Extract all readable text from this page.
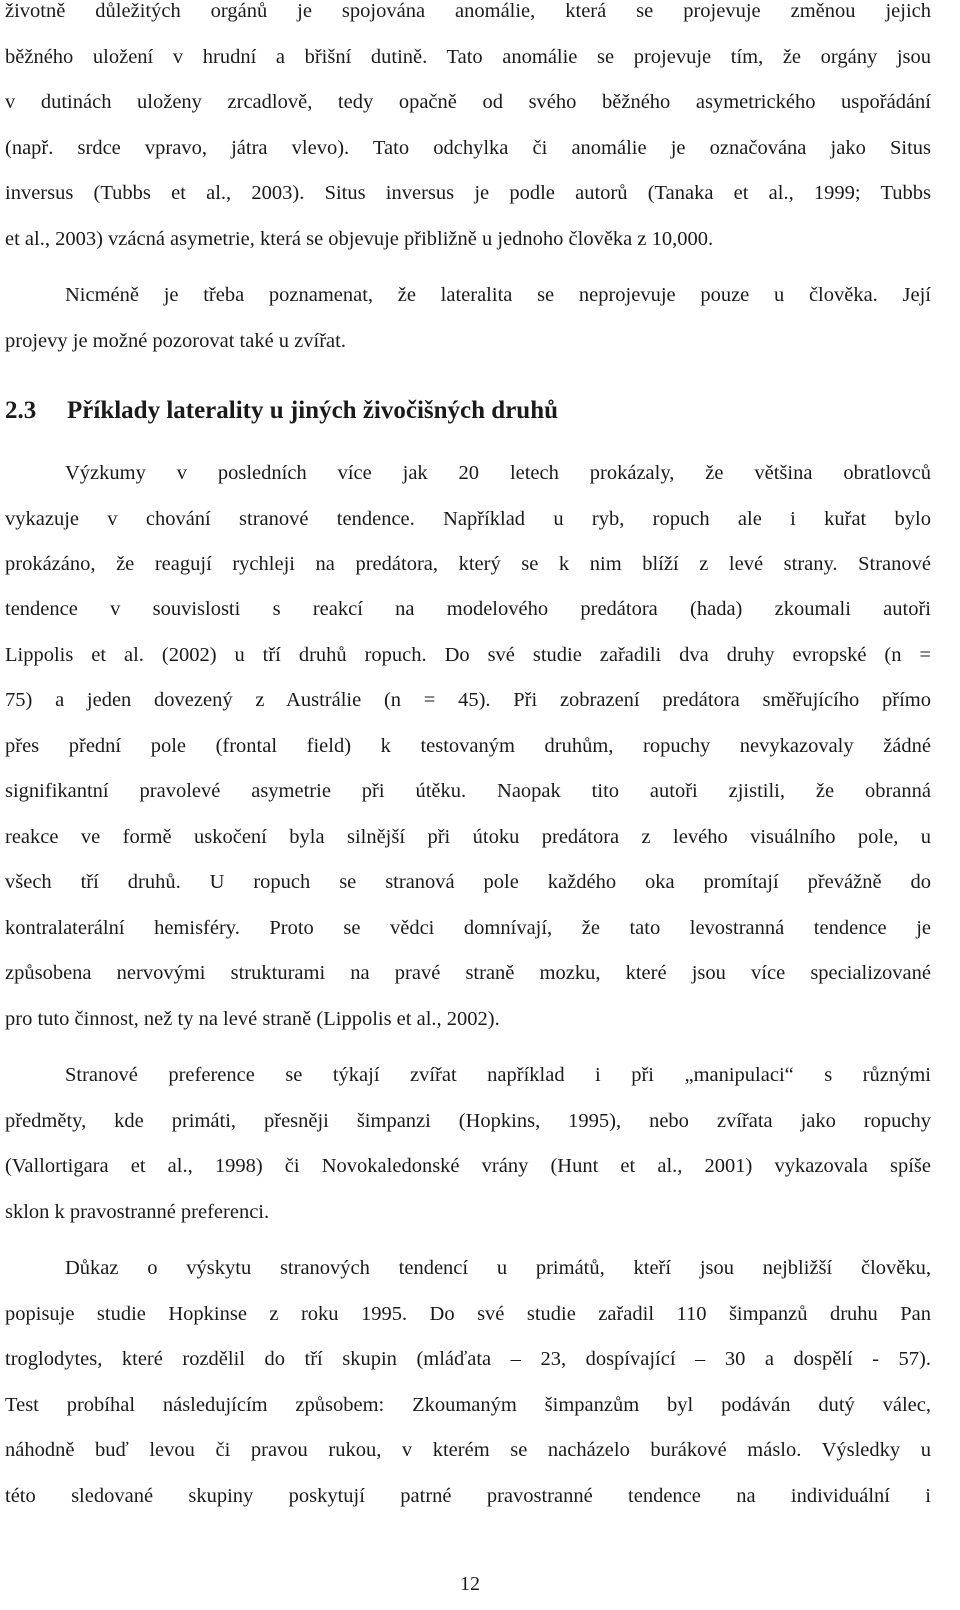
životně důležitých orgánů je spojována anomálie, která se projevuje změnou jejich
běžného uložení v hrudní a břišní dutině. Tato anomálie se projevuje tím, že orgány jsou
v dutinách uloženy zrcadlově, tedy opačně od svého běžného asymetrického uspořádání
(např. srdce vpravo, játra vlevo). Tato odchylka či anomálie je označována jako Situs
inversus (Tubbs et al., 2003). Situs inversus je podle autorů (Tanaka et al., 1999; Tubbs
et al., 2003) vzácná asymetrie, která se objevuje přibližně u jednoho člověka z 10,000.
Nicméně je třeba poznamenat, že lateralita se neprojevuje pouze u člověka. Její
projevy je možné pozorovat také u zvířat.
2.3 Příklady laterality u jiných živočišných druhů
Výzkumy v posledních více jak 20 letech prokázaly, že většina obratlovců
vykazuje v chování stranové tendence. Například u ryb, ropuch ale i kuřat bylo
prokázáno, že reagují rychleji na predátora, který se k nim blíží z levé strany. Stranové
tendence v souvislosti s reakcí na modelového predátora (hada) zkoumali autoři
Lippolis et al. (2002) u tří druhů ropuch. Do své studie zařadili dva druhy evropské (n =
75) a jeden dovezený z Austrálie (n = 45). Při zobrazení predátora směřujícího přímo
přes přední pole (frontal field) k testovaným druhům, ropuchy nevykazovaly žádné
signifikantní pravolevé asymetrie při útěku. Naopak tito autoři zjistili, že obranná
reakce ve formě uskočení byla silnější při útoku predátora z levého visuálního pole, u
všech tří druhů. U ropuch se stranová pole každého oka promítají převážně do
kontralaterální hemisféry. Proto se vědci domnívají, že tato levostranná tendence je
způsobena nervovými strukturami na pravé straně mozku, které jsou více specializované
pro tuto činnost, než ty na levé straně (Lippolis et al., 2002).
Stranové preference se týkají zvířat například i při „manipulaci“ s různými
předměty, kde primáti, přesněji šimpanzi (Hopkins, 1995), nebo zvířata jako ropuchy
(Vallortigara et al., 1998) či Novokaledonské vrány (Hunt et al., 2001) vykazovala spíše
sklon k pravostranné preferenci.
Důkaz o výskytu stranových tendencí u primátů, kteří jsou nejbližší člověku,
popisuje studie Hopkinse z roku 1995. Do své studie zařadil 110 šimpanzů druhu Pan
troglodytes, které rozdělil do tří skupin (mláďata – 23, dospívající – 30 a dospělí - 57).
Test probíhal následujícím způsobem: Zkoumaným šimpanzům byl podáván dutý válec,
náhodně buď levou či pravou rukou, v kterém se nacházelo burákové máslo. Výsledky u
této sledované skupiny poskytují patrné pravostranné tendence na individuální i
12
